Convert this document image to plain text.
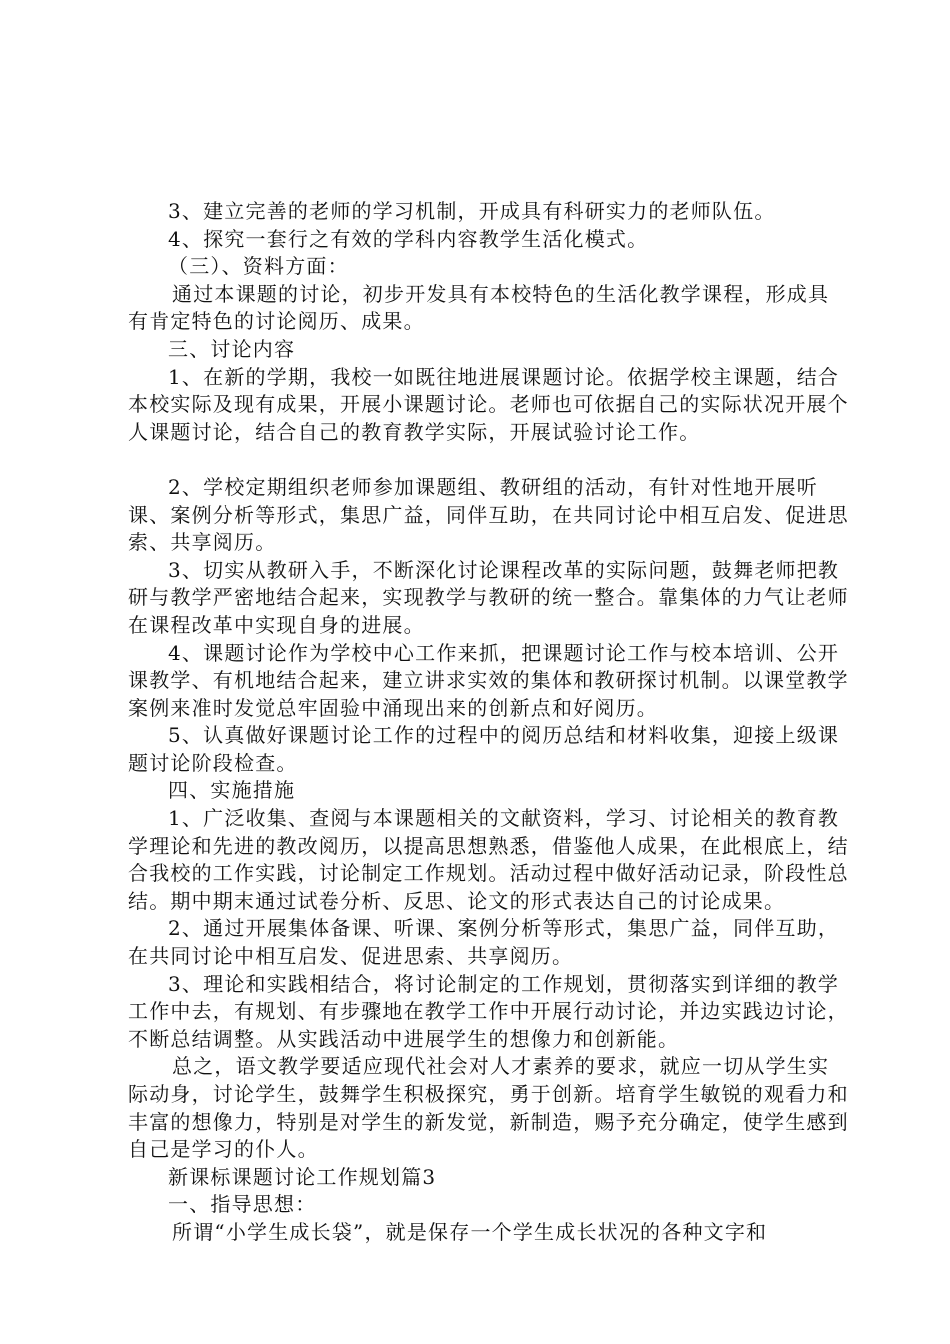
3、建立完善的老师的学习机制，开成具有科研实力的老师队伍。

4、探究一套行之有效的学科内容教学生活化模式。

（三）、资料方面：

通过本课题的讨论，初步开发具有本校特色的生活化教学课程，形成具有肯定特色的讨论阅历、成果。

三、讨论内容

1、在新的学期，我校一如既往地进展课题讨论。依据学校主课题，结合本校实际及现有成果，开展小课题讨论。老师也可依据自己的实际状况开展个人课题讨论，结合自己的教育教学实际，开展试验讨论工作。

2、学校定期组织老师参加课题组、教研组的活动，有针对性地开展听课、案例分析等形式，集思广益，同伴互助，在共同讨论中相互启发、促进思索、共享阅历。

3、切实从教研入手，不断深化讨论课程改革的实际问题，鼓舞老师把教研与教学严密地结合起来，实现教学与教研的统一整合。靠集体的力气让老师在课程改革中实现自身的进展。

4、课题讨论作为学校中心工作来抓，把课题讨论工作与校本培训、公开课教学、有机地结合起来，建立讲求实效的集体和教研探讨机制。以课堂教学案例来准时发觉总牢固验中涌现出来的创新点和好阅历。

5、认真做好课题讨论工作的过程中的阅历总结和材料收集，迎接上级课题讨论阶段检查。

四、实施措施

1、广泛收集、查阅与本课题相关的文献资料，学习、讨论相关的教育教学理论和先进的教改阅历，以提高思想熟悉，借鉴他人成果，在此根底上，结合我校的工作实践，讨论制定工作规划。活动过程中做好活动记录，阶段性总结。期中期末通过试卷分析、反思、论文的形式表达自己的讨论成果。

2、通过开展集体备课、听课、案例分析等形式，集思广益，同伴互助，在共同讨论中相互启发、促进思索、共享阅历。

3、理论和实践相结合，将讨论制定的工作规划，贯彻落实到详细的教学工作中去，有规划、有步骤地在教学工作中开展行动讨论，并边实践边讨论，不断总结调整。从实践活动中进展学生的想像力和创新能。

总之，语文教学要适应现代社会对人才素养的要求，就应一切从学生实际动身，讨论学生，鼓舞学生积极探究，勇于创新。培育学生敏锐的观看力和丰富的想像力，特别是对学生的新发觉，新制造，赐予充分确定，使学生感到自己是学习的仆人。

新课标课题讨论工作规划篇3

一、指导思想：

所谓“小学生成长袋”，就是保存一个学生成长状况的各种文字和
